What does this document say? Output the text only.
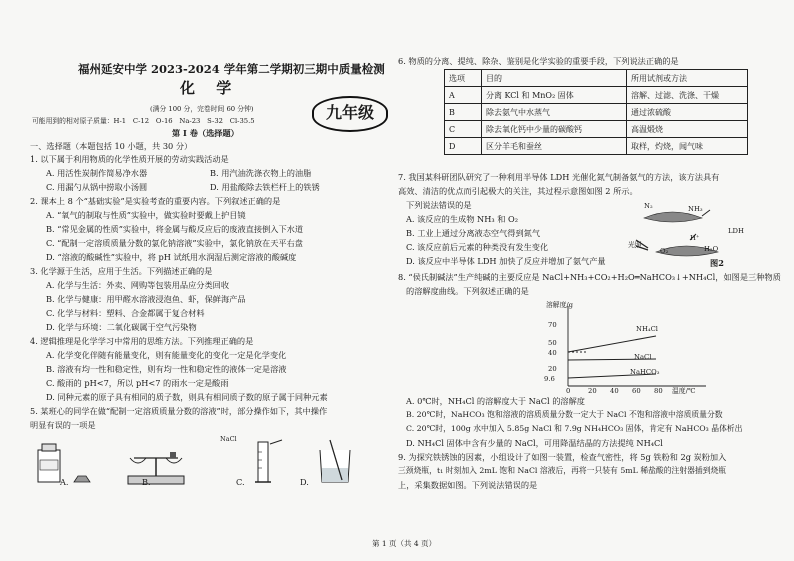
福州延安中学 2023-2024 学年第二学期初三期中质量检测
化 学
(满分 100 分，完卷时间 60 分钟)
可能用到的相对原子质量：H-1　C-12　O-16　Na-23　S-32　Cl-35.5	九年级
第 I 卷（选择题）
一、选择题（本题包括 10 小题，共 30 分）
1. 以下属于利用物质的化学性质开展的劳动实践活动是
A. 用活性炭制作简易净水器	B. 用汽油洗涤衣物上的油脂
C. 用漏勺从锅中捞取小汤圆	D. 用盐酸除去铁栏杆上的铁锈
2. 课本上 8 个“基础实验”是实验考查的重要内容。下列叙述正确的是
A. “氧气的制取与性质”实验中，做实验时要戴上护目镜
B. “常见金属的性质”实验中，将金属与酸反应后的废液直接倒入下水道
C. “配制一定溶质质量分数的氯化钠溶液”实验中，氯化钠放在天平右盘
D. “溶液的酸碱性”实验中，将 pH 试纸用水润湿后测定溶液的酸碱度
3. 化学源于生活，应用于生活。下列描述正确的是
A. 化学与生活：外卖、网购等包装用品应分类回收
B. 化学与健康：用甲醛水溶液浸泡鱼、虾，保鲜海产品
C. 化学与材料：塑料、合金都属于复合材料
D. 化学与环境：二氧化碳属于空气污染物
4. 逻辑推理是化学学习中常用的思维方法。下列推理正确的是
A. 化学变化伴随有能量变化，则有能量变化的变化一定是化学变化
B. 溶液有均一性和稳定性，则有均一性和稳定性的液体一定是溶液
C. 酸雨的 pH<7，所以 pH<7 的雨水一定是酸雨
D. 同种元素的原子具有相同的质子数，则具有相同质子数的原子属于同种元素
5. 某班心的同学在做“配制一定溶质质量分数的溶液”时，部分操作如下，其中操作
明显有误的一项是
NaCl
A.	B.	C.	D.
6. 物质的分离、提纯、除杂、鉴别是化学实验的重要手段，下列说法正确的是
选项	目的	所用试剂或方法
A	分离 KCl 和 MnO₂ 固体	溶解、过滤、洗涤、干燥
B	除去氨气中水蒸气	通过浓硫酸
C	除去氧化钙中少量的碳酸钙	高温煅烧
D	区分羊毛和蚕丝	取样，灼烧，闻气味
7. 我国某科研团队研究了一种利用半导体 LDH 光催化氮气制备氨气的方法，该方法具有
高效、清洁的优点而引起极大的关注，其过程示意图如图 2 所示。
下列说法错误的是
A. 该反应的生成物 NH₃ 和 O₂
B. 工业上通过分离液态空气得到氮气
C. 该反应前后元素的种类没有发生变化
D. 该反应中半导体 LDH 加快了反应并增加了氨气产量
N₂	NH₃
LDH
光照
H⁺
O₂	H₂O
图2
8. “侯氏制碱法”生产纯碱的主要反应是 NaCl+NH₃+CO₂+H₂O═NaHCO₃↓+NH₄Cl，如图是三种物质
的溶解度曲线。下列叙述正确的是
溶解度/g
70
50
40
20
9.6
0	20 40 60 80 温度/℃
NH₄Cl
NaCl
NaHCO₃
A. 0℃时，NH₄Cl 的溶解度大于 NaCl 的溶解度
B. 20℃时，NaHCO₃ 饱和溶液的溶质质量分数一定大于 NaCl 不饱和溶液中溶质质量分数
C. 20℃时，100g 水中加入 5.85g NaCl 和 7.9g NH₄HCO₃ 固体，肯定有 NaHCO₃ 晶体析出
D. NH₄Cl 固体中含有少量的 NaCl，可用降温结晶的方法提纯 NH₄Cl
9. 为探究铁锈蚀的因素，小组设计了如图一装置，检查气密性，将 5g 铁粉和 2g 炭粉加入
三颈烧瓶，t₁ 时刻加入 2mL 饱和 NaCl 溶液后，再将一只装有 5mL 稀盐酸的注射器插到烧瓶
上，采集数据如图。下列说法错误的是
第 1 页（共 4 页）
